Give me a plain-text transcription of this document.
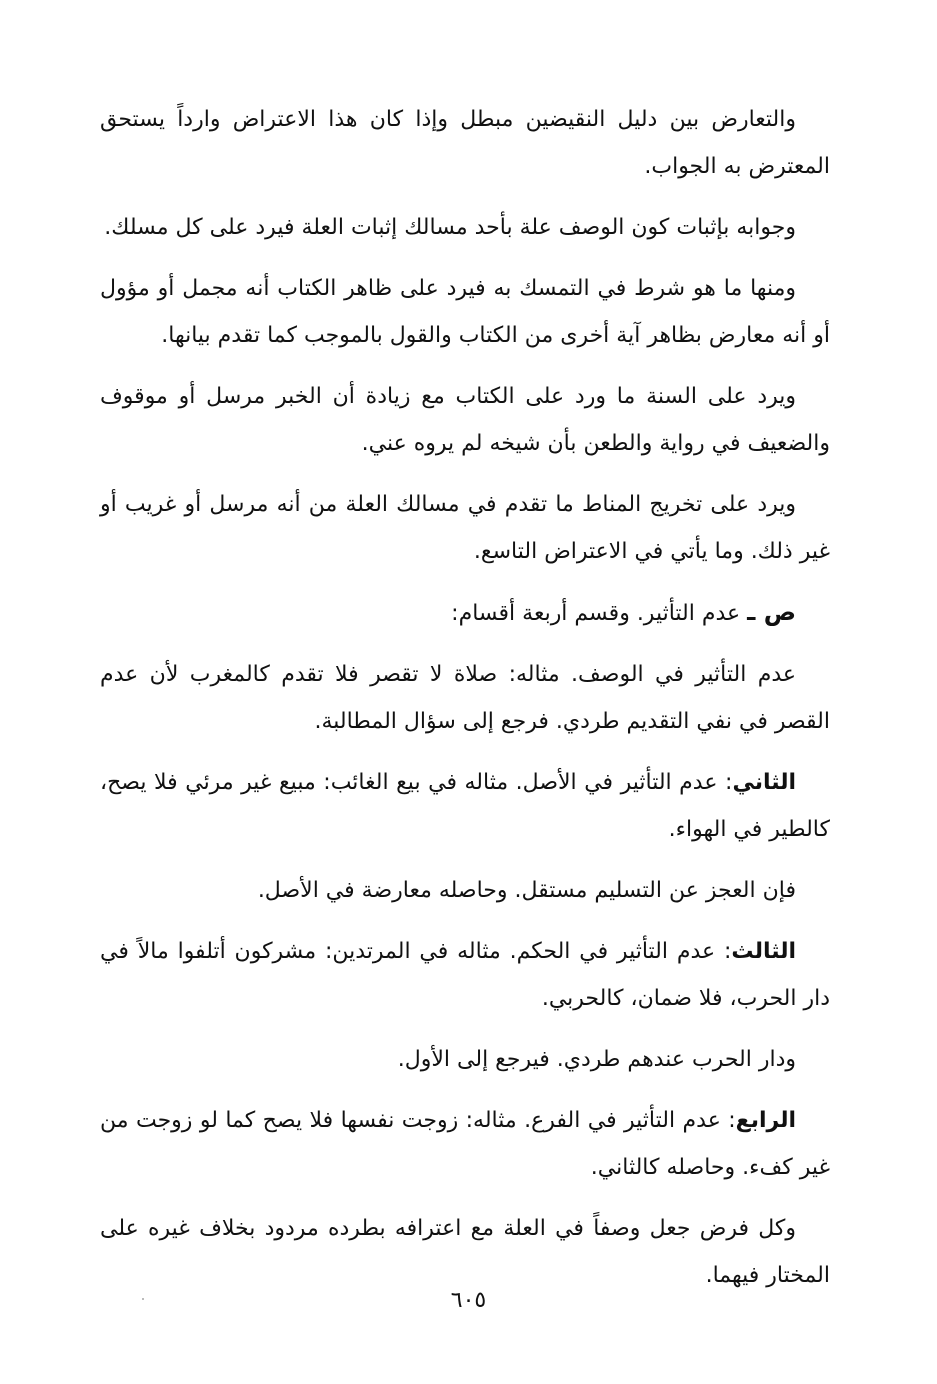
والتعارض بين دليل النقيضين مبطل وإذا كان هذا الاعتراض وارداً يستحق المعترض به الجواب.

وجوابه بإثبات كون الوصف علة بأحد مسالك إثبات العلة فيرد على كل مسلك.

ومنها ما هو شرط في التمسك به فيرد على ظاهر الكتاب أنه مجمل أو مؤول أو أنه معارض بظاهر آية أخرى من الكتاب والقول بالموجب كما تقدم بيانها.

ويرد على السنة ما ورد على الكتاب مع زيادة أن الخبر مرسل أو موقوف والضعيف في رواية والطعن بأن شيخه لم يروه عني.

ويرد على تخريج المناط ما تقدم في مسالك العلة من أنه مرسل أو غريب أو غير ذلك. وما يأتي في الاعتراض التاسع.

ص ـ عدم التأثير. وقسم أربعة أقسام:

عدم التأثير في الوصف. مثاله: صلاة لا تقصر فلا تقدم كالمغرب لأن عدم القصر في نفي التقديم طردي. فرجع إلى سؤال المطالبة.

الثاني: عدم التأثير في الأصل. مثاله في بيع الغائب: مبيع غير مرئي فلا يصح، كالطير في الهواء.

فإن العجز عن التسليم مستقل. وحاصله معارضة في الأصل.

الثالث: عدم التأثير في الحكم. مثاله في المرتدين: مشركون أتلفوا مالاً في دار الحرب، فلا ضمان، كالحربي.

ودار الحرب عندهم طردي. فيرجع إلى الأول.

الرابع: عدم التأثير في الفرع. مثاله: زوجت نفسها فلا يصح كما لو زوجت من غير كفء. وحاصله كالثاني.

وكل فرض جعل وصفاً في العلة مع اعترافه بطرده مردود بخلاف غيره على المختار فيهما.

٦٠٥
